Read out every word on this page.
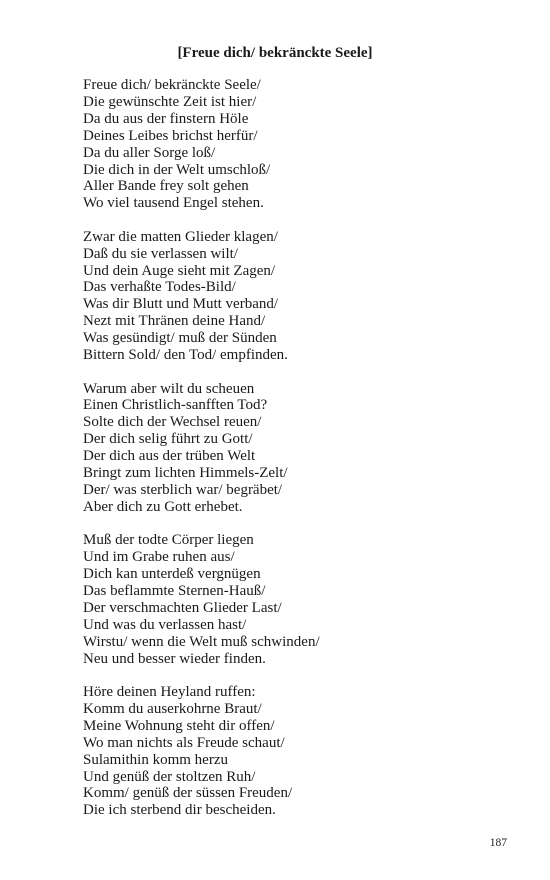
[Freue dich/ bekränckte Seele]
Freue dich/ bekränckte Seele/
Die gewünschte Zeit ist hier/
Da du aus der finstern Höle
Deines Leibes brichst herfür/
Da du aller Sorge loß/
Die dich in der Welt umschloß/
Aller Bande frey solt gehen
Wo viel tausend Engel stehen.
Zwar die matten Glieder klagen/
Daß du sie verlassen wilt/
Und dein Auge sieht mit Zagen/
Das verhaßte Todes-Bild/
Was dir Blutt und Mutt verband/
Nezt mit Thränen deine Hand/
Was gesündigt/ muß der Sünden
Bittern Sold/ den Tod/ empfinden.
Warum aber wilt du scheuen
Einen Christlich-sanfften Tod?
Solte dich der Wechsel reuen/
Der dich selig führt zu Gott/
Der dich aus der trüben Welt
Bringt zum lichten Himmels-Zelt/
Der/ was sterblich war/ begräbet/
Aber dich zu Gott erhebet.
Muß der todte Cörper liegen
Und im Grabe ruhen aus/
Dich kan unterdeß vergnügen
Das beflammte Sternen-Hauß/
Der verschmachten Glieder Last/
Und was du verlassen hast/
Wirstu/ wenn die Welt muß schwinden/
Neu und besser wieder finden.
Höre deinen Heyland ruffen:
Komm du auserkohrne Braut/
Meine Wohnung steht dir offen/
Wo man nichts als Freude schaut/
Sulamithin komm herzu
Und genüß der stoltzen Ruh/
Komm/ genüß der süssen Freuden/
Die ich sterbend dir bescheiden.
187
